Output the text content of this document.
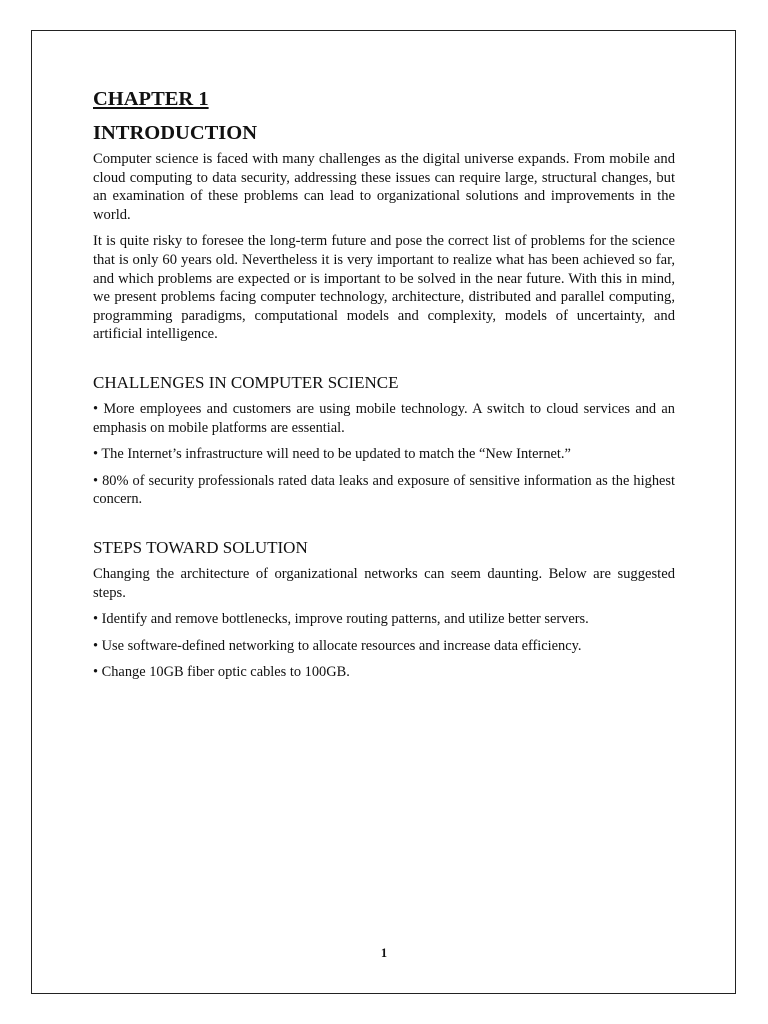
CHAPTER 1
INTRODUCTION

Computer science is faced with many challenges as the digital universe expands. From mobile and cloud computing to data security, addressing these issues can require large, structural changes, but an examination of these problems can lead to organizational solutions and improvements in the world.

It is quite risky to foresee the long-term future and pose the correct list of problems for the science that is only 60 years old. Nevertheless it is very important to realize what has been achieved so far, and which problems are expected or is important to be solved in the near future. With this in mind, we present problems facing computer technology, architecture, distributed and parallel computing, programming paradigms, computational models and complexity, models of uncertainty, and artificial intelligence.

CHALLENGES IN COMPUTER SCIENCE

• More employees and customers are using mobile technology. A switch to cloud services and an emphasis on mobile platforms are essential.

• The Internet’s infrastructure will need to be updated to match the “New Internet.”

• 80% of security professionals rated data leaks and exposure of sensitive information as the highest concern.

STEPS TOWARD SOLUTION

Changing the architecture of organizational networks can seem daunting. Below are suggested steps.

• Identify and remove bottlenecks, improve routing patterns, and utilize better servers.

• Use software-defined networking to allocate resources and increase data efficiency.

• Change 10GB fiber optic cables to 100GB.

1
